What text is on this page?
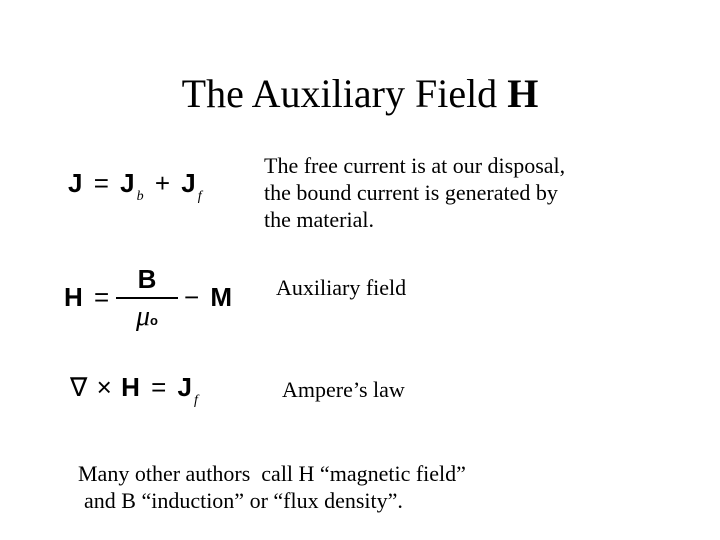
The Auxiliary Field H
J = J $_b$ + J $_f$
H =
B
μo
− M
∇ × H = J $_f$
The free current is at our disposal,
the bound current is generated by
the material.
Auxiliary field
Ampere’s law
Many other authors  call H “magnetic field”
and B “induction” or “flux density”.
